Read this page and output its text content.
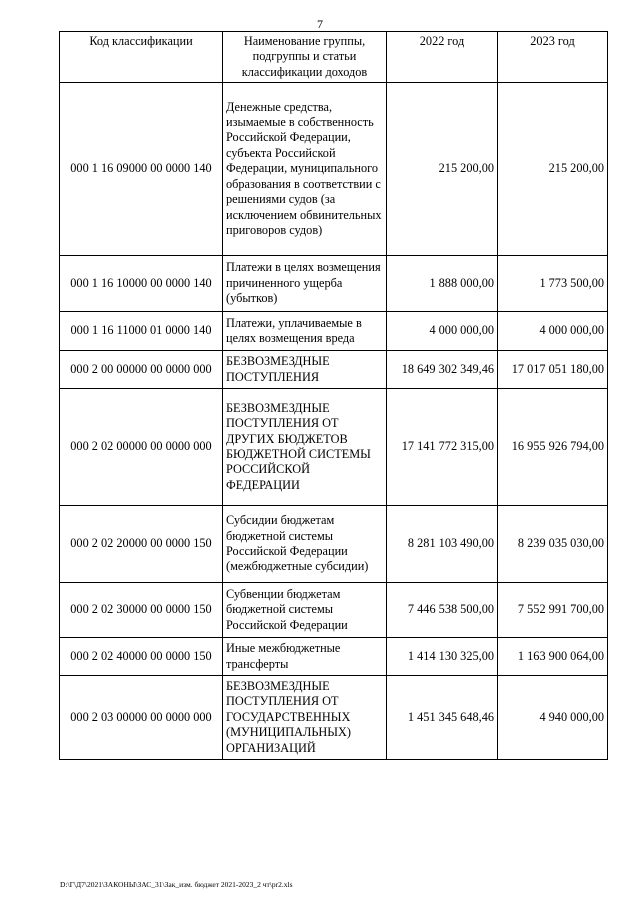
7
Код классификации	Наименование группы, подгруппы и статьи классификации доходов	2022 год	2023 год
000 1 16 09000 00 0000 140	Денежные средства, изымаемые в собственность Российской Федерации, субъекта Российской Федерации, муниципального образования в соответствии с решениями судов (за исключением обвинительных приговоров судов)	215 200,00	215 200,00
000 1 16 10000 00 0000 140	Платежи в целях возмещения причиненного ущерба (убытков)	1 888 000,00	1 773 500,00
000 1 16 11000 01 0000 140	Платежи, уплачиваемые в целях возмещения вреда	4 000 000,00	4 000 000,00
000 2 00 00000 00 0000 000	БЕЗВОЗМЕЗДНЫЕ ПОСТУПЛЕНИЯ	18 649 302 349,46	17 017 051 180,00
000 2 02 00000 00 0000 000	БЕЗВОЗМЕЗДНЫЕ ПОСТУПЛЕНИЯ ОТ ДРУГИХ БЮДЖЕТОВ БЮДЖЕТНОЙ СИСТЕМЫ РОССИЙСКОЙ ФЕДЕРАЦИИ	17 141 772 315,00	16 955 926 794,00
000 2 02 20000 00 0000 150	Субсидии бюджетам бюджетной системы Российской Федерации (межбюджетные субсидии)	8 281 103 490,00	8 239 035 030,00
000 2 02 30000 00 0000 150	Субвенции бюджетам бюджетной системы Российской Федерации	7 446 538 500,00	7 552 991 700,00
000 2 02 40000 00 0000 150	Иные межбюджетные трансферты	1 414 130 325,00	1 163 900 064,00
000 2 03 00000 00 0000 000	БЕЗВОЗМЕЗДНЫЕ ПОСТУПЛЕНИЯ ОТ ГОСУДАРСТВЕННЫХ (МУНИЦИПАЛЬНЫХ) ОРГАНИЗАЦИЙ	1 451 345 648,46	4 940 000,00
D:\Г\Д7\2021\ЗАКОНЫ\ЗАС_31\Зак_изм. бюджет 2021-2023_2 чт\pr2.xls
